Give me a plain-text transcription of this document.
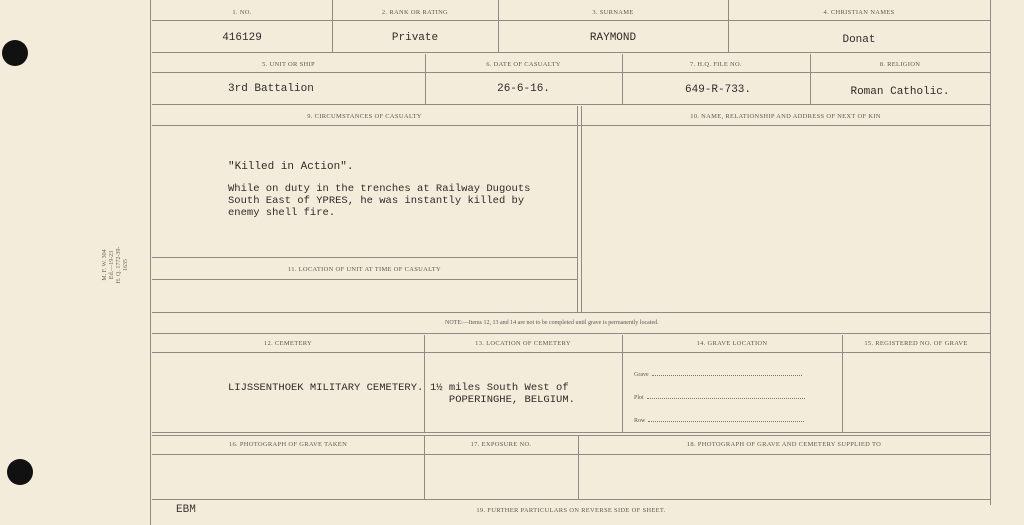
M. F. W. 304 Ed.—19-23 H. Q. 1772-39-1635
1. NO.	2. RANK OR RATING	3. SURNAME	4. CHRISTIAN NAMES
416129	Private	RAYMOND	Donat
5. UNIT OR SHIP	6. DATE OF CASUALTY	7. H.Q. FILE NO.	8. RELIGION
3rd Battalion	26-6-16.	649-R-733.	Roman Catholic.
9. CIRCUMSTANCES OF CASUALTY	10. NAME, RELATIONSHIP AND ADDRESS OF NEXT OF KIN
"Killed in Action".
While on duty in the trenches at Railway Dugouts
South East of YPRES, he was instantly killed by
enemy shell fire.
11. LOCATION OF UNIT AT TIME OF CASUALTY
NOTE:—Items 12, 13 and 14 are not to be completed until grave is permanently located.
12. CEMETERY	13. LOCATION OF CEMETERY	14. GRAVE LOCATION	15. REGISTERED NO. OF GRAVE
LIJSSENTHOEK MILITARY CEMETERY. 1½ miles South West of
POPERINGHE, BELGIUM.
Grave
Plot
Row
16. PHOTOGRAPH OF GRAVE TAKEN	17. EXPOSURE NO.	18. PHOTOGRAPH OF GRAVE AND CEMETERY SUPPLIED TO
EBM	19. FURTHER PARTICULARS ON REVERSE SIDE OF SHEET.
